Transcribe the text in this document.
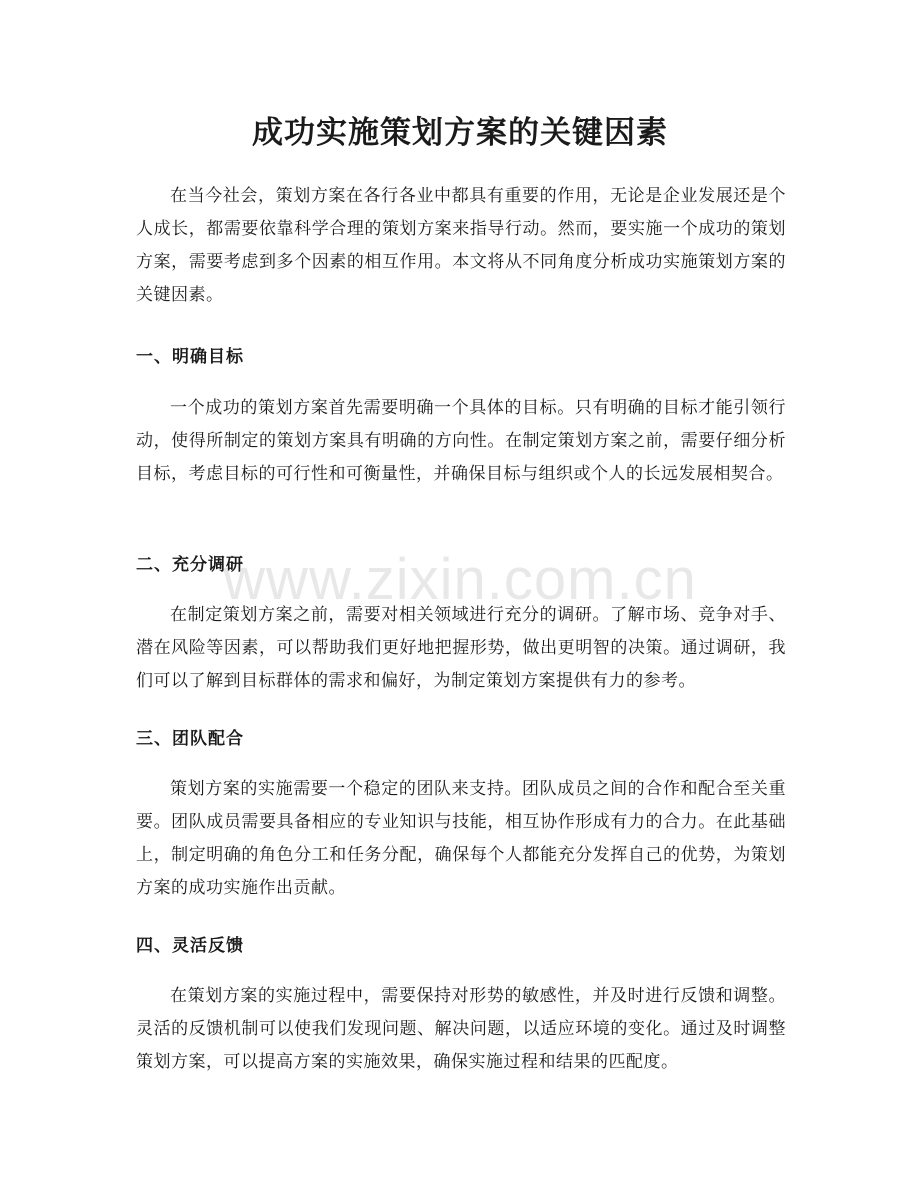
成功实施策划方案的关键因素

在当今社会，策划方案在各行各业中都具有重要的作用，无论是企业发展还是个人成长，都需要依靠科学合理的策划方案来指导行动。然而，要实施一个成功的策划方案，需要考虑到多个因素的相互作用。本文将从不同角度分析成功实施策划方案的关键因素。

一、明确目标

一个成功的策划方案首先需要明确一个具体的目标。只有明确的目标才能引领行动，使得所制定的策划方案具有明确的方向性。在制定策划方案之前，需要仔细分析目标，考虑目标的可行性和可衡量性，并确保目标与组织或个人的长远发展相契合。

二、充分调研

在制定策划方案之前，需要对相关领域进行充分的调研。了解市场、竞争对手、潜在风险等因素，可以帮助我们更好地把握形势，做出更明智的决策。通过调研，我们可以了解到目标群体的需求和偏好，为制定策划方案提供有力的参考。

三、团队配合

策划方案的实施需要一个稳定的团队来支持。团队成员之间的合作和配合至关重要。团队成员需要具备相应的专业知识与技能，相互协作形成有力的合力。在此基础上，制定明确的角色分工和任务分配，确保每个人都能充分发挥自己的优势，为策划方案的成功实施作出贡献。

四、灵活反馈

在策划方案的实施过程中，需要保持对形势的敏感性，并及时进行反馈和调整。灵活的反馈机制可以使我们发现问题、解决问题，以适应环境的变化。通过及时调整策划方案，可以提高方案的实施效果，确保实施过程和结果的匹配度。

www.zixin.com.cn
